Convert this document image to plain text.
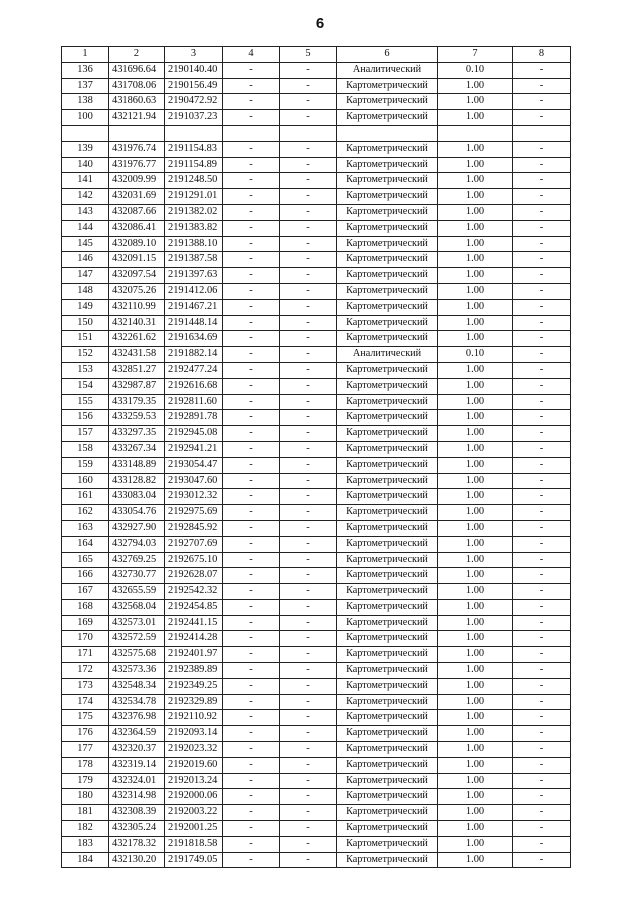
6
1	2	3	4	5	6	7	8
136	431696.64	2190140.40	-	-	Аналитический	0.10	-
137	431708.06	2190156.49	-	-	Картометрический	1.00	-
138	431860.63	2190472.92	-	-	Картометрический	1.00	-
100	432121.94	2191037.23	-	-	Картометрический	1.00	-

139	431976.74	2191154.83	-	-	Картометрический	1.00	-
140	431976.77	2191154.89	-	-	Картометрический	1.00	-
141	432009.99	2191248.50	-	-	Картометрический	1.00	-
142	432031.69	2191291.01	-	-	Картометрический	1.00	-
143	432087.66	2191382.02	-	-	Картометрический	1.00	-
144	432086.41	2191383.82	-	-	Картометрический	1.00	-
145	432089.10	2191388.10	-	-	Картометрический	1.00	-
146	432091.15	2191387.58	-	-	Картометрический	1.00	-
147	432097.54	2191397.63	-	-	Картометрический	1.00	-
148	432075.26	2191412.06	-	-	Картометрический	1.00	-
149	432110.99	2191467.21	-	-	Картометрический	1.00	-
150	432140.31	2191448.14	-	-	Картометрический	1.00	-
151	432261.62	2191634.69	-	-	Картометрический	1.00	-
152	432431.58	2191882.14	-	-	Аналитический	0.10	-
153	432851.27	2192477.24	-	-	Картометрический	1.00	-
154	432987.87	2192616.68	-	-	Картометрический	1.00	-
155	433179.35	2192811.60	-	-	Картометрический	1.00	-
156	433259.53	2192891.78	-	-	Картометрический	1.00	-
157	433297.35	2192945.08	-	-	Картометрический	1.00	-
158	433267.34	2192941.21	-	-	Картометрический	1.00	-
159	433148.89	2193054.47	-	-	Картометрический	1.00	-
160	433128.82	2193047.60	-	-	Картометрический	1.00	-
161	433083.04	2193012.32	-	-	Картометрический	1.00	-
162	433054.76	2192975.69	-	-	Картометрический	1.00	-
163	432927.90	2192845.92	-	-	Картометрический	1.00	-
164	432794.03	2192707.69	-	-	Картометрический	1.00	-
165	432769.25	2192675.10	-	-	Картометрический	1.00	-
166	432730.77	2192628.07	-	-	Картометрический	1.00	-
167	432655.59	2192542.32	-	-	Картометрический	1.00	-
168	432568.04	2192454.85	-	-	Картометрический	1.00	-
169	432573.01	2192441.15	-	-	Картометрический	1.00	-
170	432572.59	2192414.28	-	-	Картометрический	1.00	-
171	432575.68	2192401.97	-	-	Картометрический	1.00	-
172	432573.36	2192389.89	-	-	Картометрический	1.00	-
173	432548.34	2192349.25	-	-	Картометрический	1.00	-
174	432534.78	2192329.89	-	-	Картометрический	1.00	-
175	432376.98	2192110.92	-	-	Картометрический	1.00	-
176	432364.59	2192093.14	-	-	Картометрический	1.00	-
177	432320.37	2192023.32	-	-	Картометрический	1.00	-
178	432319.14	2192019.60	-	-	Картометрический	1.00	-
179	432324.01	2192013.24	-	-	Картометрический	1.00	-
180	432314.98	2192000.06	-	-	Картометрический	1.00	-
181	432308.39	2192003.22	-	-	Картометрический	1.00	-
182	432305.24	2192001.25	-	-	Картометрический	1.00	-
183	432178.32	2191818.58	-	-	Картометрический	1.00	-
184	432130.20	2191749.05	-	-	Картометрический	1.00	-
